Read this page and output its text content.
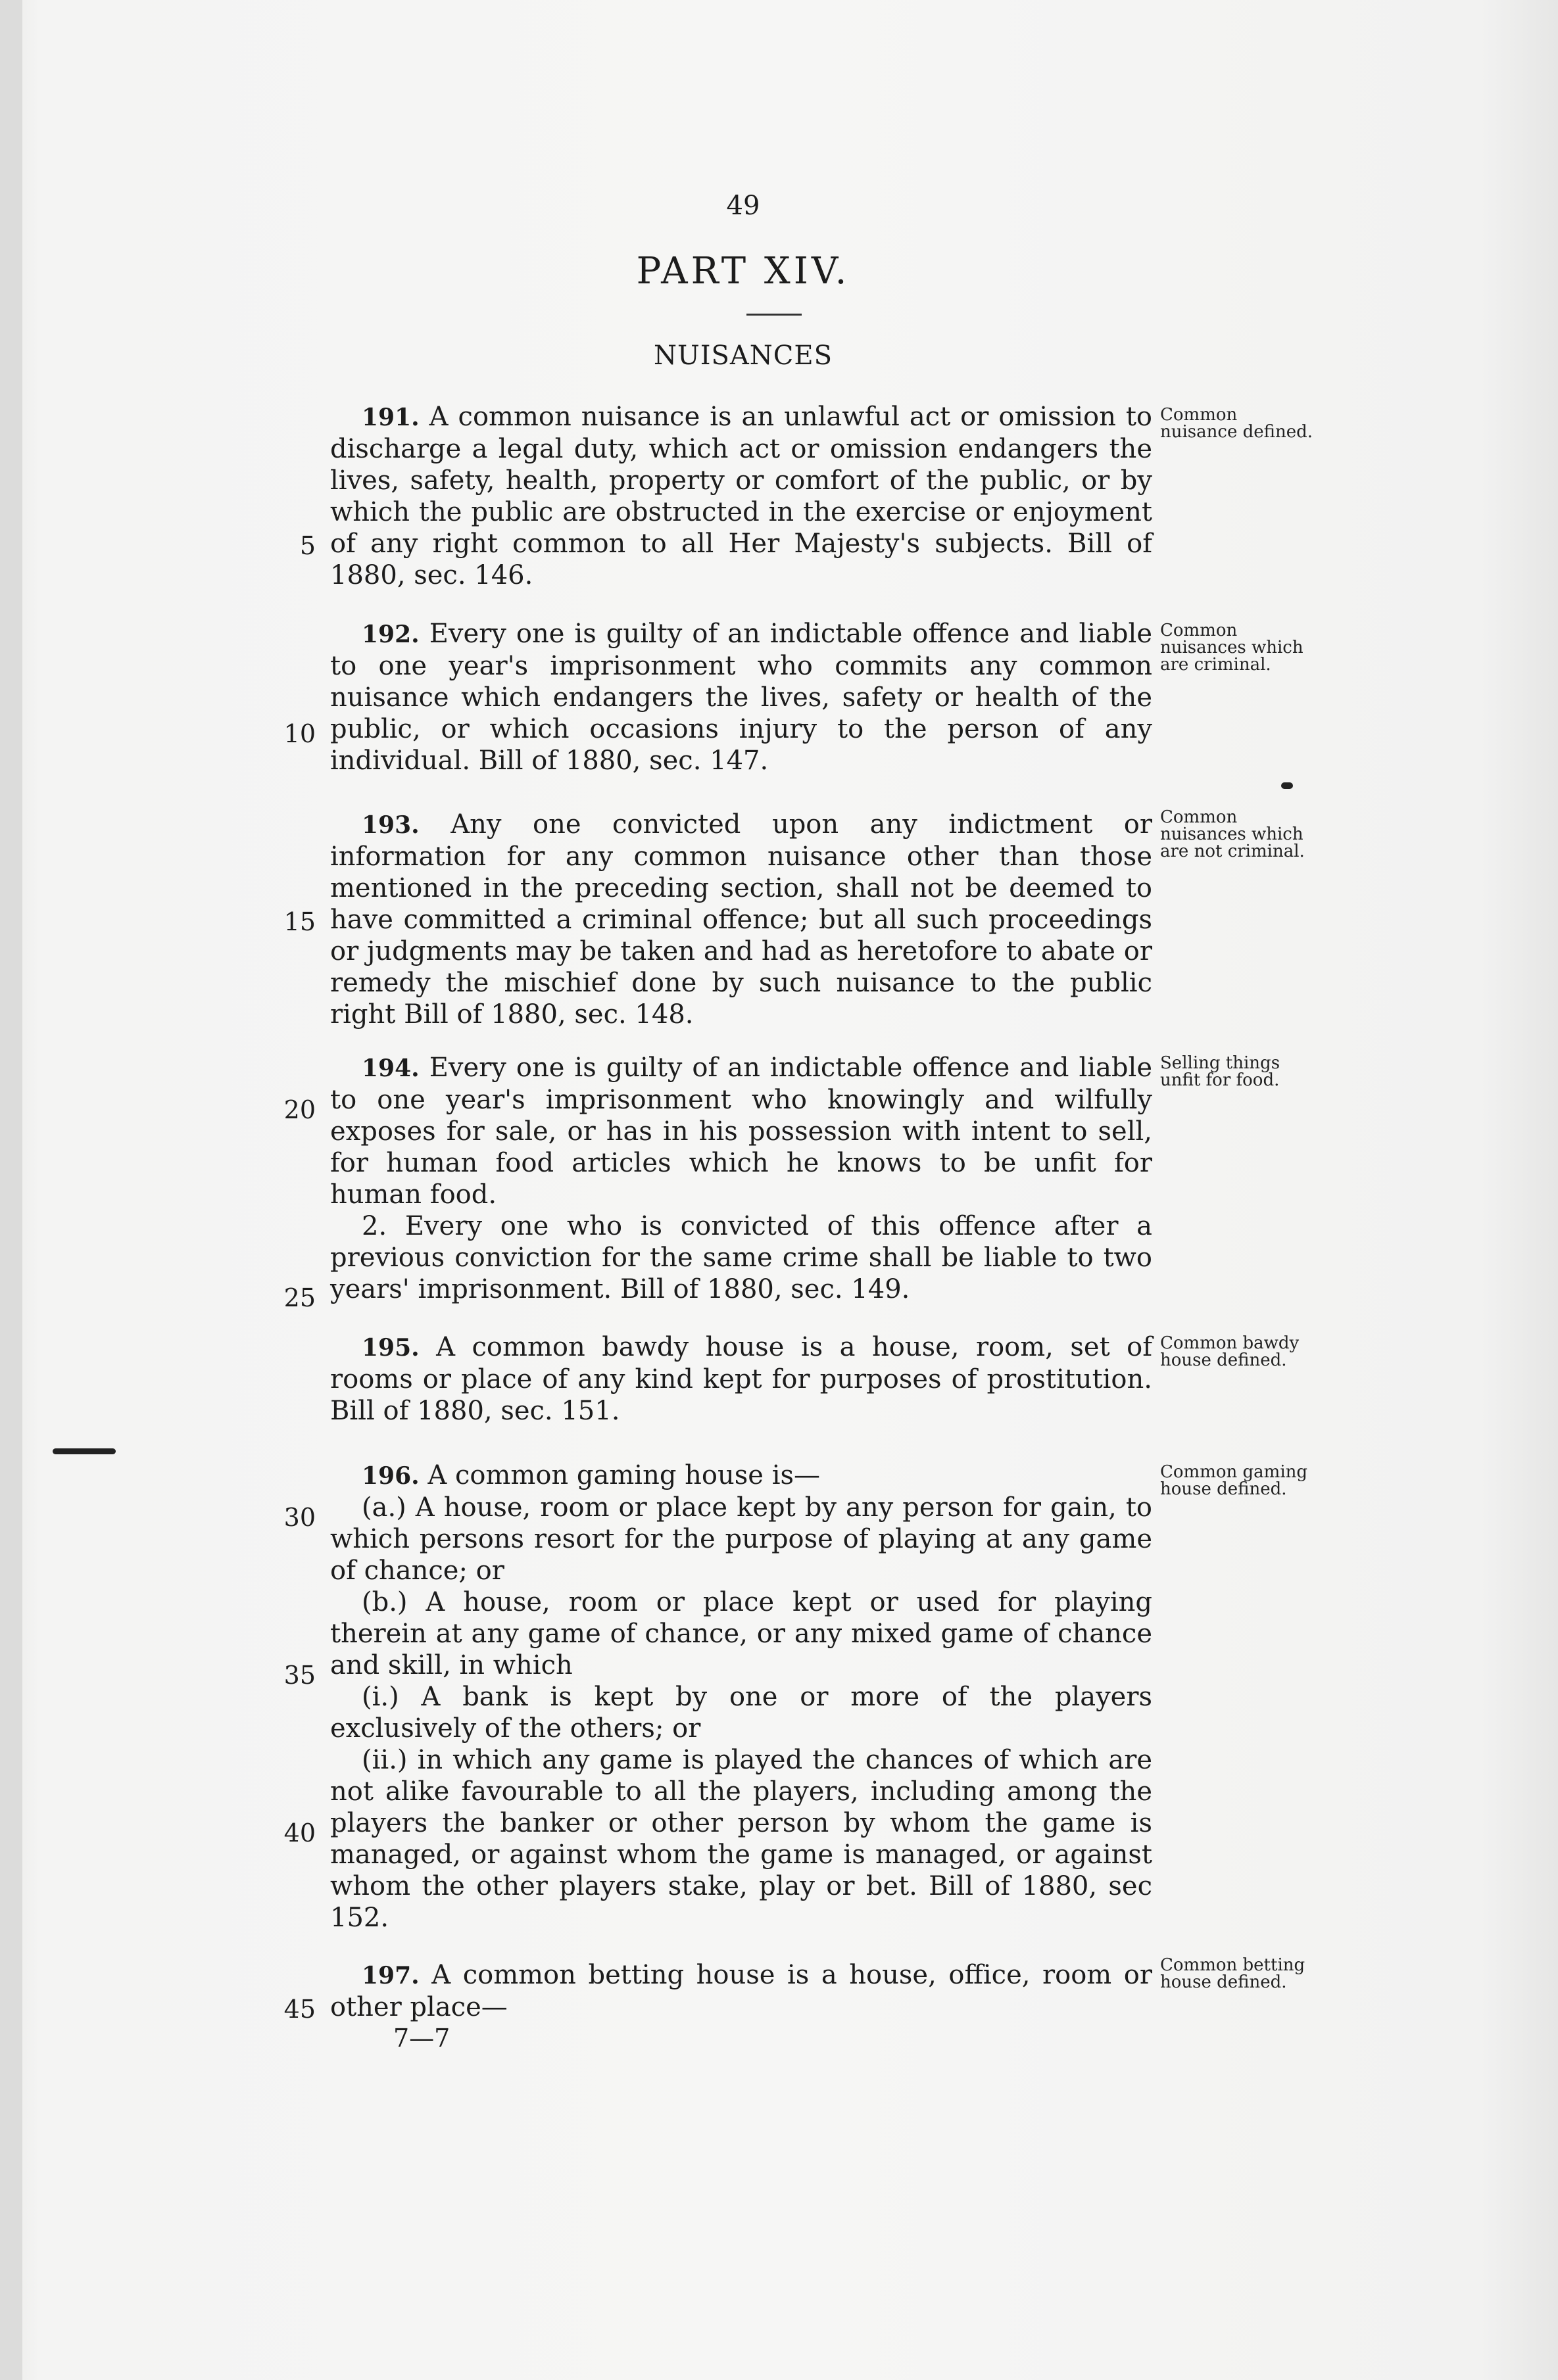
49
PART XIV.
NUISANCES

191. A common nuisance is an unlawful act or omission to discharge a legal duty, which act or omission endangers the lives, safety, health, property or comfort of the public, or by which the public are obstructed in the exercise or enjoyment of any right common to all Her Majesty's subjects. Bill of 1880, sec. 146.

Common nuisance defined.

192. Every one is guilty of an indictable offence and liable to one year's imprisonment who commits any common nuisance which endangers the lives, safety or health of the public, or which occasions injury to the person of any individual. Bill of 1880, sec. 147.

Common nuisances which are criminal.

193. Any one convicted upon any indictment or information for any common nuisance other than those mentioned in the preceding section, shall not be deemed to have committed a criminal offence; but all such proceedings or judgments may be taken and had as heretofore to abate or remedy the mischief done by such nuisance to the public right Bill of 1880, sec. 148.

Common nuisances which are not criminal.

194. Every one is guilty of an indictable offence and liable to one year's imprisonment who knowingly and wilfully exposes for sale, or has in his possession with intent to sell, for human food articles which he knows to be unfit for human food.

2. Every one who is convicted of this offence after a previous conviction for the same crime shall be liable to two years' imprisonment. Bill of 1880, sec. 149.

Selling things unfit for food.

195. A common bawdy house is a house, room, set of rooms or place of any kind kept for purposes of prostitution. Bill of 1880, sec. 151.

Common bawdy house defined.

196. A common gaming house is—

(a.) A house, room or place kept by any person for gain, to which persons resort for the purpose of playing at any game of chance; or

(b.) A house, room or place kept or used for playing therein at any game of chance, or any mixed game of chance and skill, in which

(i.) A bank is kept by one or more of the players exclusively of the others; or

(ii.) in which any game is played the chances of which are not alike favourable to all the players, including among the players the banker or other person by whom the game is managed, or against whom the game is managed, or against whom the other players stake, play or bet. Bill of 1880, sec 152.

Common gaming house defined.

197. A common betting house is a house, office, room or other place—

Common betting house defined.
5
10
15
20
25
30
35
40
45
7—7
